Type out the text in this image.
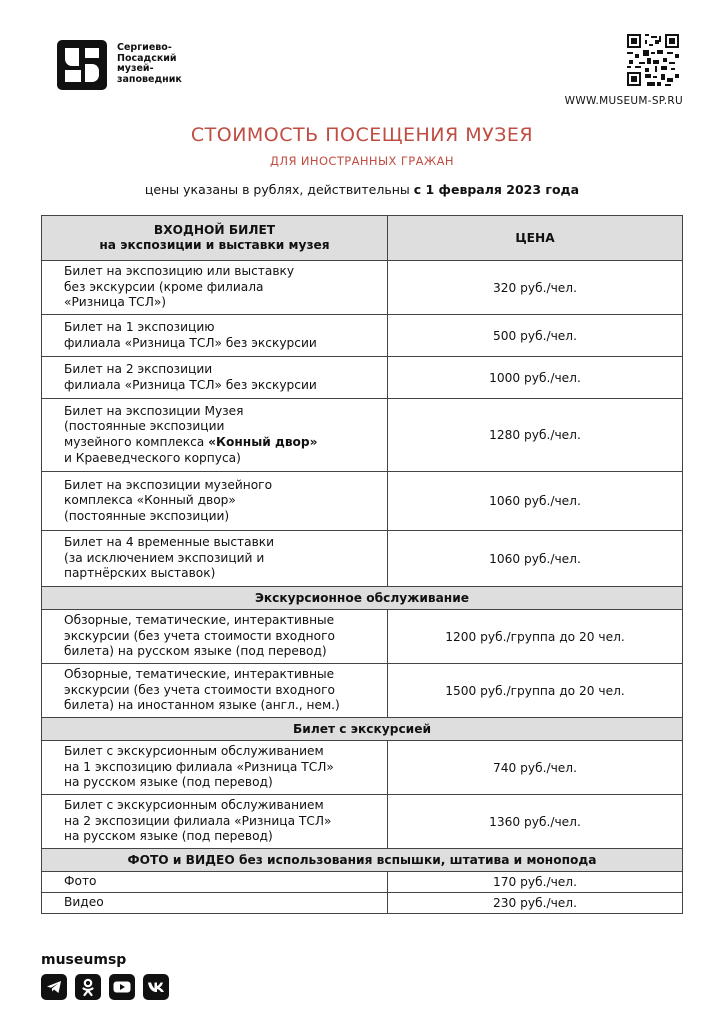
Сергиево-
Посадский
музей-
заповедник
WWW.MUSEUM-SP.RU
СТОИМОСТЬ ПОСЕЩЕНИЯ МУЗЕЯ
ДЛЯ ИНОСТРАННЫХ ГРАЖАН
цены указаны в рублях, действительны с 1 февраля 2023 года
ВХОДНОЙ БИЛЕТ
на экспозиции и выставки музея	ЦЕНА

Билет на экспозицию или выставку
без экскурсии (кроме филиала
«Ризница ТСЛ»)	320 руб./чел.

Билет на 1 экспозицию
филиала «Ризница ТСЛ» без экскурсии	500 руб./чел.

Билет на 2 экспозиции
филиала «Ризница ТСЛ» без экскурсии	1000 руб./чел.

Билет на экспозиции Музея
(постоянные экспозиции
музейного комплекса «Конный двор»
и Краеведческого корпуса)	1280 руб./чел.

Билет на экспозиции музейного
комплекса «Конный двор»
(постоянные экспозиции)	1060 руб./чел.

Билет на 4 временные выставки
(за исключением экспозиций и
партнёрских выставок)	1060 руб./чел.
Экскурсионное обслуживание	

Обзорные, тематические, интерактивные
экскурсии (без учета стоимости входного
билета) на русском языке (под перевод)	1200 руб./группа до 20 чел.

Обзорные, тематические, интерактивные
экскурсии (без учета стоимости входного
билета) на иностанном языке (англ., нем.)	1500 руб./группа до 20 чел.
Билет с экскурсией	

Билет с экскурсионным обслуживанием
на 1 экспозицию филиала «Ризница ТСЛ»
на русском языке (под перевод)	740 руб./чел.

Билет с экскурсионным обслуживанием
на 2 экспозиции филиала «Ризница ТСЛ»
на русском языке (под перевод)	1360 руб./чел.
ФОТО и ВИДЕО без использования вспышки, штатива и монопода	
Фото	170 руб./чел.
Видео	230 руб./чел.
museumsp
